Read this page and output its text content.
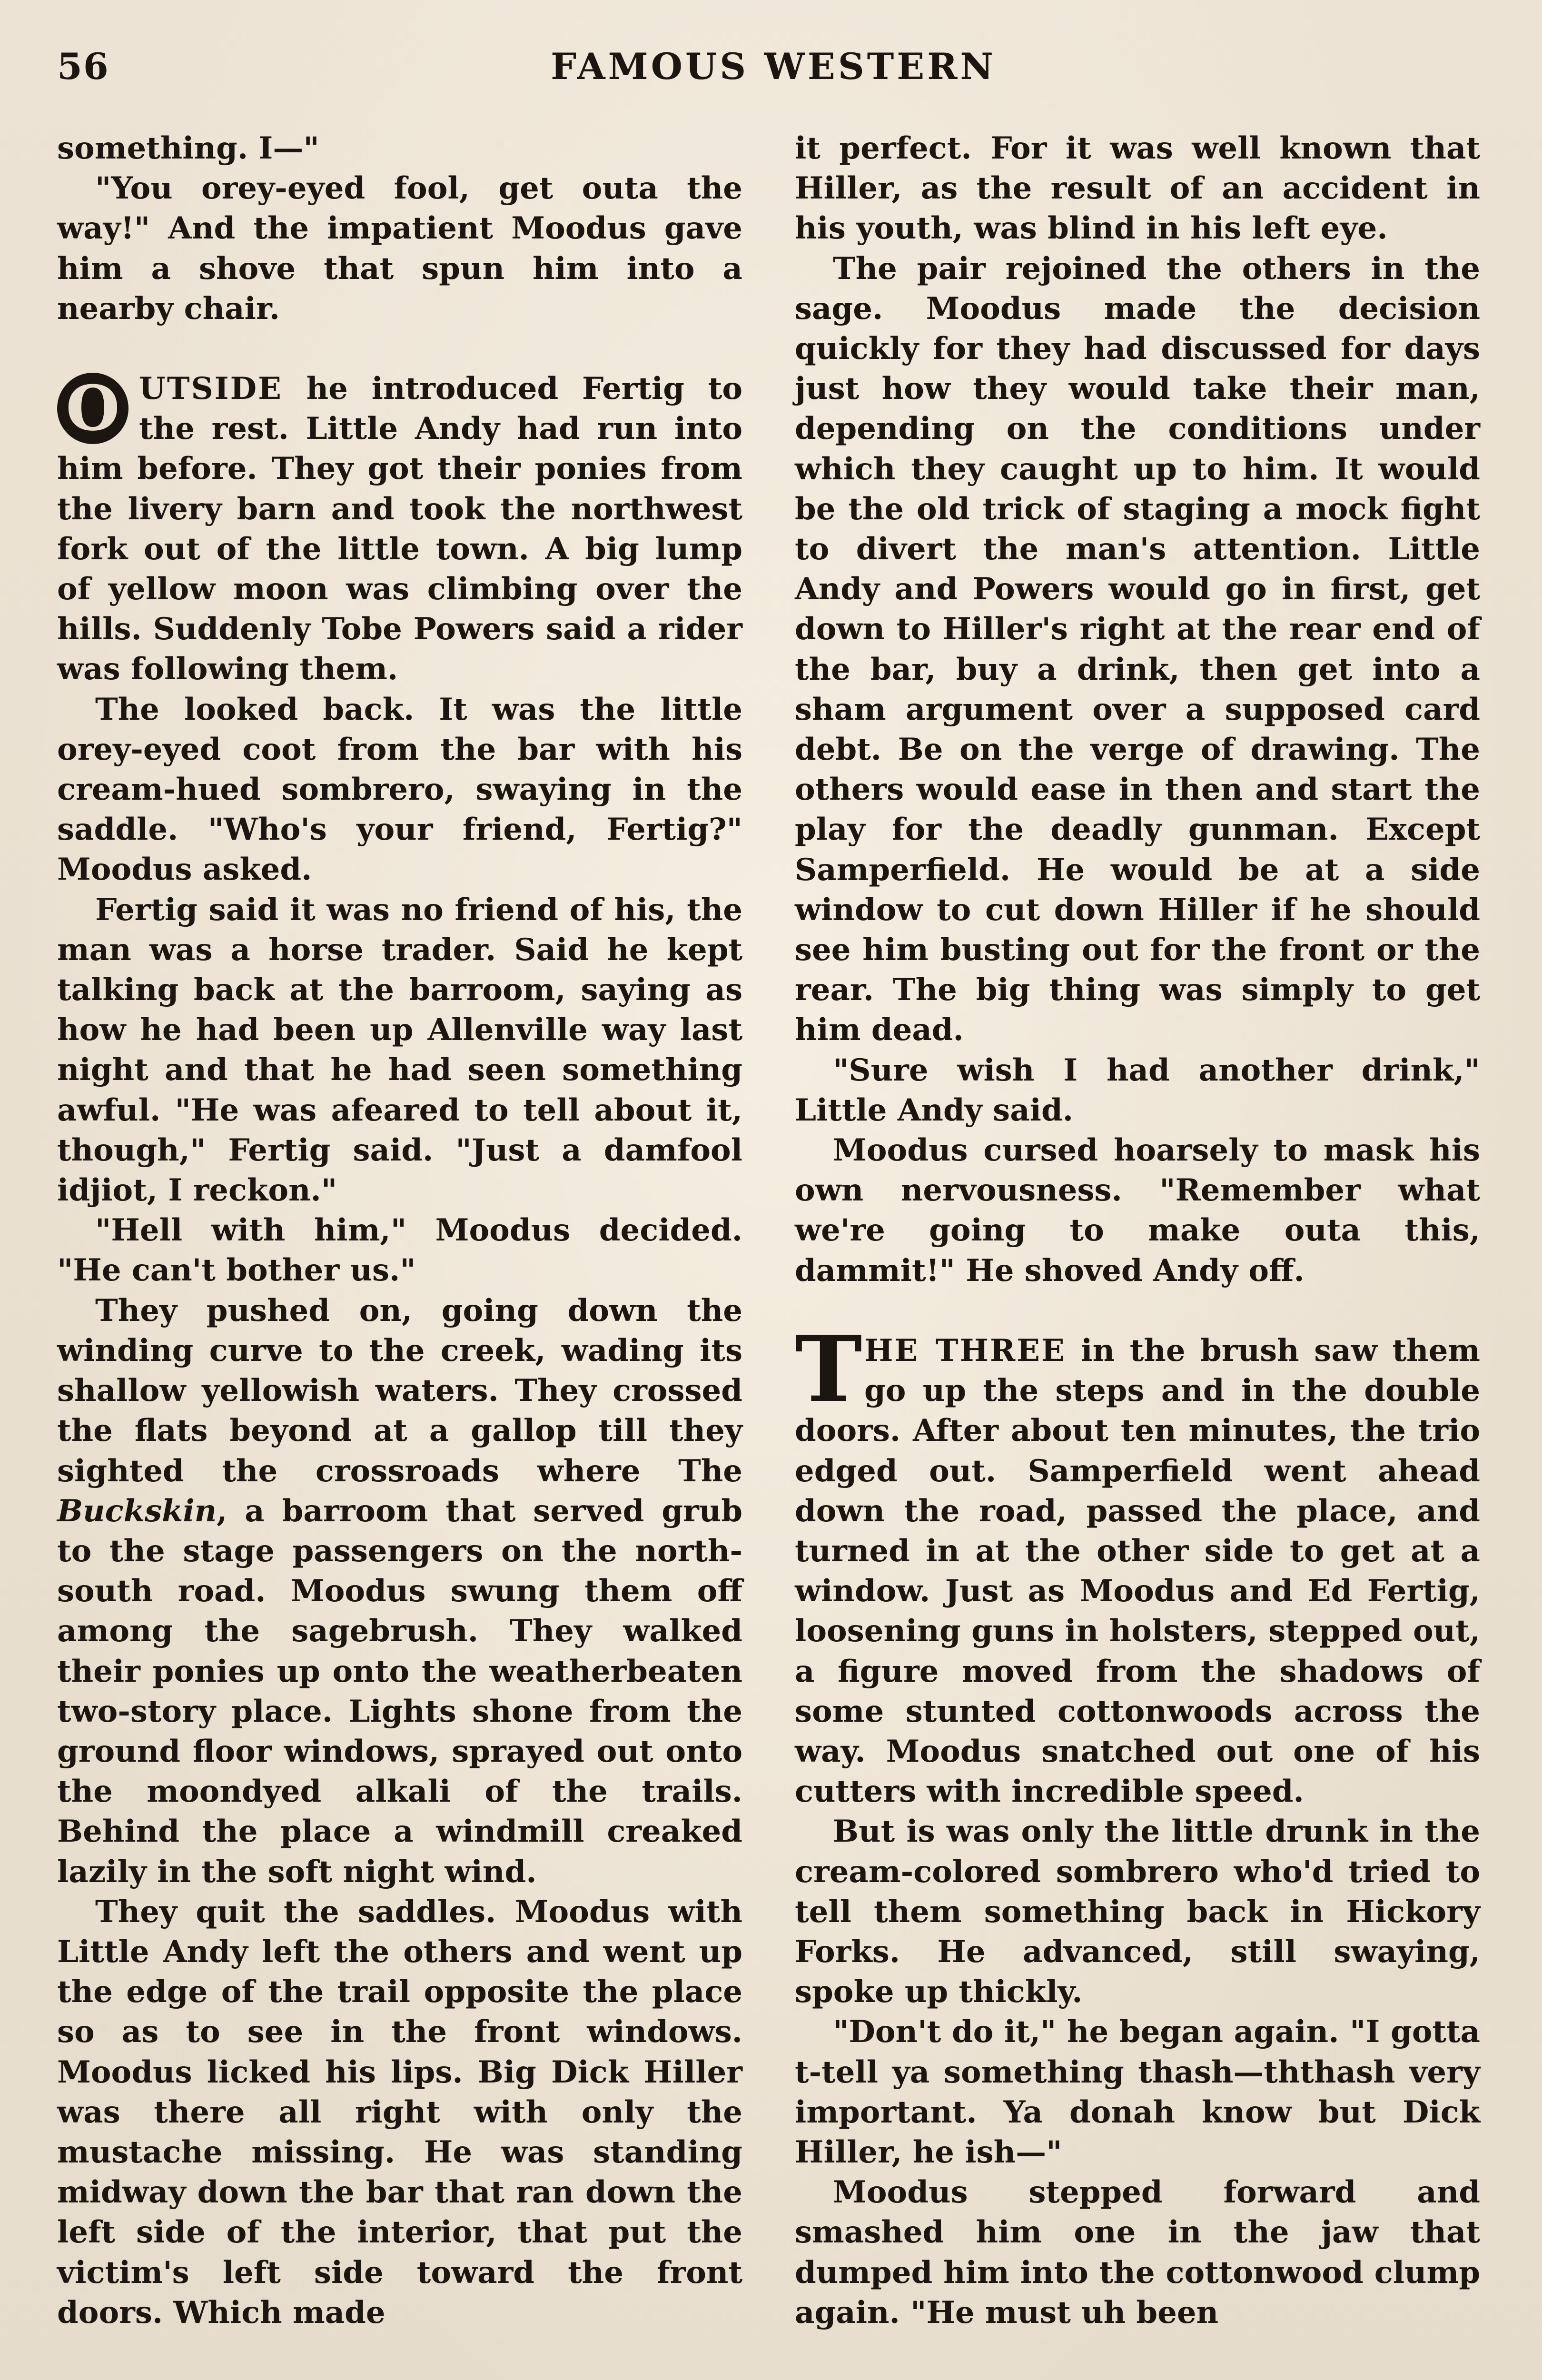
56	FAMOUS WESTERN

something. I—"

"You orey-eyed fool, get outa the way!" And the impatient Moodus gave him a shove that spun him into a nearby chair.

O UTSIDE he introduced Fertig to the rest. Little Andy had run into him before. They got their ponies from the livery barn and took the northwest fork out of the little town. A big lump of yellow moon was climbing over the hills. Suddenly Tobe Powers said a rider was following them.

The looked back. It was the little orey-eyed coot from the bar with his cream-hued sombrero, swaying in the saddle. "Who's your friend, Fertig?" Moodus asked.

Fertig said it was no friend of his, the man was a horse trader. Said he kept talking back at the barroom, saying as how he had been up Allenville way last night and that he had seen something awful. "He was afeared to tell about it, though," Fertig said. "Just a damfool idjiot, I reckon."

"Hell with him," Moodus decided. "He can't bother us."

They pushed on, going down the winding curve to the creek, wading its shallow yellowish waters. They crossed the flats beyond at a gallop till they sighted the crossroads where The Buckskin, a barroom that served grub to the stage passengers on the north-south road. Moodus swung them off among the sagebrush. They walked their ponies up onto the weatherbeaten two-story place. Lights shone from the ground floor windows, sprayed out onto the moondyed alkali of the trails. Behind the place a windmill creaked lazily in the soft night wind.

They quit the saddles. Moodus with Little Andy left the others and went up the edge of the trail opposite the place so as to see in the front windows. Moodus licked his lips. Big Dick Hiller was there all right with only the mustache missing. He was standing midway down the bar that ran down the left side of the interior, that put the victim's left side toward the front doors. Which made

it perfect. For it was well known that Hiller, as the result of an accident in his youth, was blind in his left eye.

The pair rejoined the others in the sage. Moodus made the decision quickly for they had discussed for days just how they would take their man, depending on the conditions under which they caught up to him. It would be the old trick of staging a mock fight to divert the man's attention. Little Andy and Powers would go in first, get down to Hiller's right at the rear end of the bar, buy a drink, then get into a sham argument over a supposed card debt. Be on the verge of drawing. The others would ease in then and start the play for the deadly gunman. Except Samperfield. He would be at a side window to cut down Hiller if he should see him busting out for the front or the rear. The big thing was simply to get him dead.

"Sure wish I had another drink," Little Andy said.

Moodus cursed hoarsely to mask his own nervousness. "Remember what we're going to make outa this, dammit!" He shoved Andy off.

THE THREE in the brush saw them go up the steps and in the double doors. After about ten minutes, the trio edged out. Samperfield went ahead down the road, passed the place, and turned in at the other side to get at a window. Just as Moodus and Ed Fertig, loosening guns in holsters, stepped out, a figure moved from the shadows of some stunted cottonwoods across the way. Moodus snatched out one of his cutters with incredible speed.

But is was only the little drunk in the cream-colored sombrero who'd tried to tell them something back in Hickory Forks. He advanced, still swaying, spoke up thickly.

"Don't do it," he began again. "I gotta t-tell ya something thash—ththash very important. Ya donah know but Dick Hiller, he ish—"

Moodus stepped forward and smashed him one in the jaw that dumped him into the cottonwood clump again. "He must uh been
